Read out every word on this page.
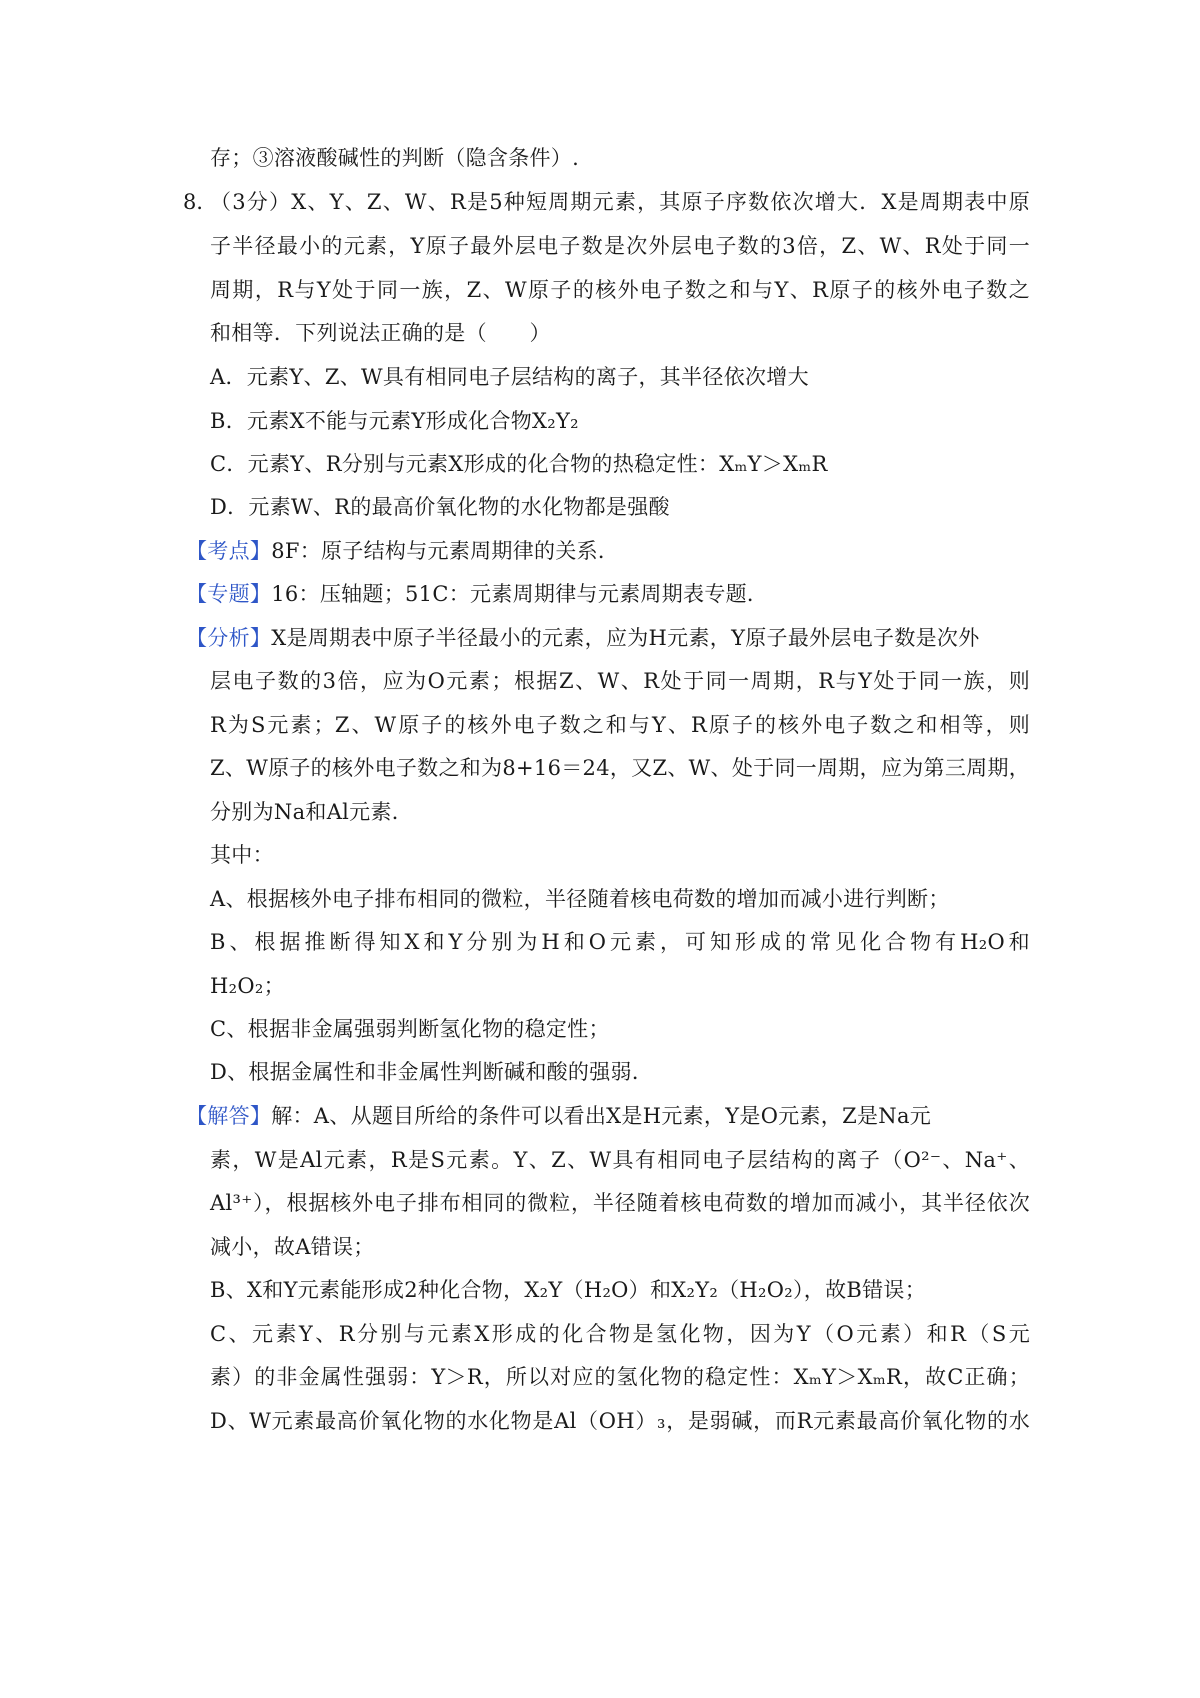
存；③溶液酸碱性的判断（隐含条件）.
8．
（3分）X、Y、Z、W、R是5种短周期元素，其原子序数依次增大．X是周期表中原
子半径最小的元素，Y原子最外层电子数是次外层电子数的3倍，Z、W、R处于同一
周期，R与Y处于同一族，Z、W原子的核外电子数之和与Y、R原子的核外电子数之
和相等．下列说法正确的是（　　）
A．元素Y、Z、W具有相同电子层结构的离子，其半径依次增大
B．元素X不能与元素Y形成化合物X₂Y₂
C．元素Y、R分别与元素X形成的化合物的热稳定性：XₘY＞XₘR
D．元素W、R的最高价氧化物的水化物都是强酸
【考点】8F：原子结构与元素周期律的关系．
【专题】16：压轴题；51C：元素周期律与元素周期表专题．
【分析】X是周期表中原子半径最小的元素，应为H元素，Y原子最外层电子数是次外
层电子数的3倍，应为O元素；根据Z、W、R处于同一周期，R与Y处于同一族，则
R为S元素；Z、W原子的核外电子数之和与Y、R原子的核外电子数之和相等，则
Z、W原子的核外电子数之和为8+16＝24，又Z、W、处于同一周期，应为第三周期，
分别为Na和Al元素．
其中：
A、根据核外电子排布相同的微粒，半径随着核电荷数的增加而减小进行判断；
B、根据推断得知X和Y分别为H和O元素，可知形成的常见化合物有H₂O和
H₂O₂；
C、根据非金属强弱判断氢化物的稳定性；
D、根据金属性和非金属性判断碱和酸的强弱．
【解答】解：A、从题目所给的条件可以看出X是H元素，Y是O元素，Z是Na元
素，W是Al元素，R是S元素。Y、Z、W具有相同电子层结构的离子（O²⁻、Na⁺、
Al³⁺），根据核外电子排布相同的微粒，半径随着核电荷数的增加而减小，其半径依次
减小，故A错误；
B、X和Y元素能形成2种化合物，X₂Y（H₂O）和X₂Y₂（H₂O₂），故B错误；
C、元素Y、R分别与元素X形成的化合物是氢化物，因为Y（O元素）和R（S元
素）的非金属性强弱：Y＞R，所以对应的氢化物的稳定性：XₘY＞XₘR，故C正确；
D、W元素最高价氧化物的水化物是Al（OH）₃，是弱碱，而R元素最高价氧化物的水
